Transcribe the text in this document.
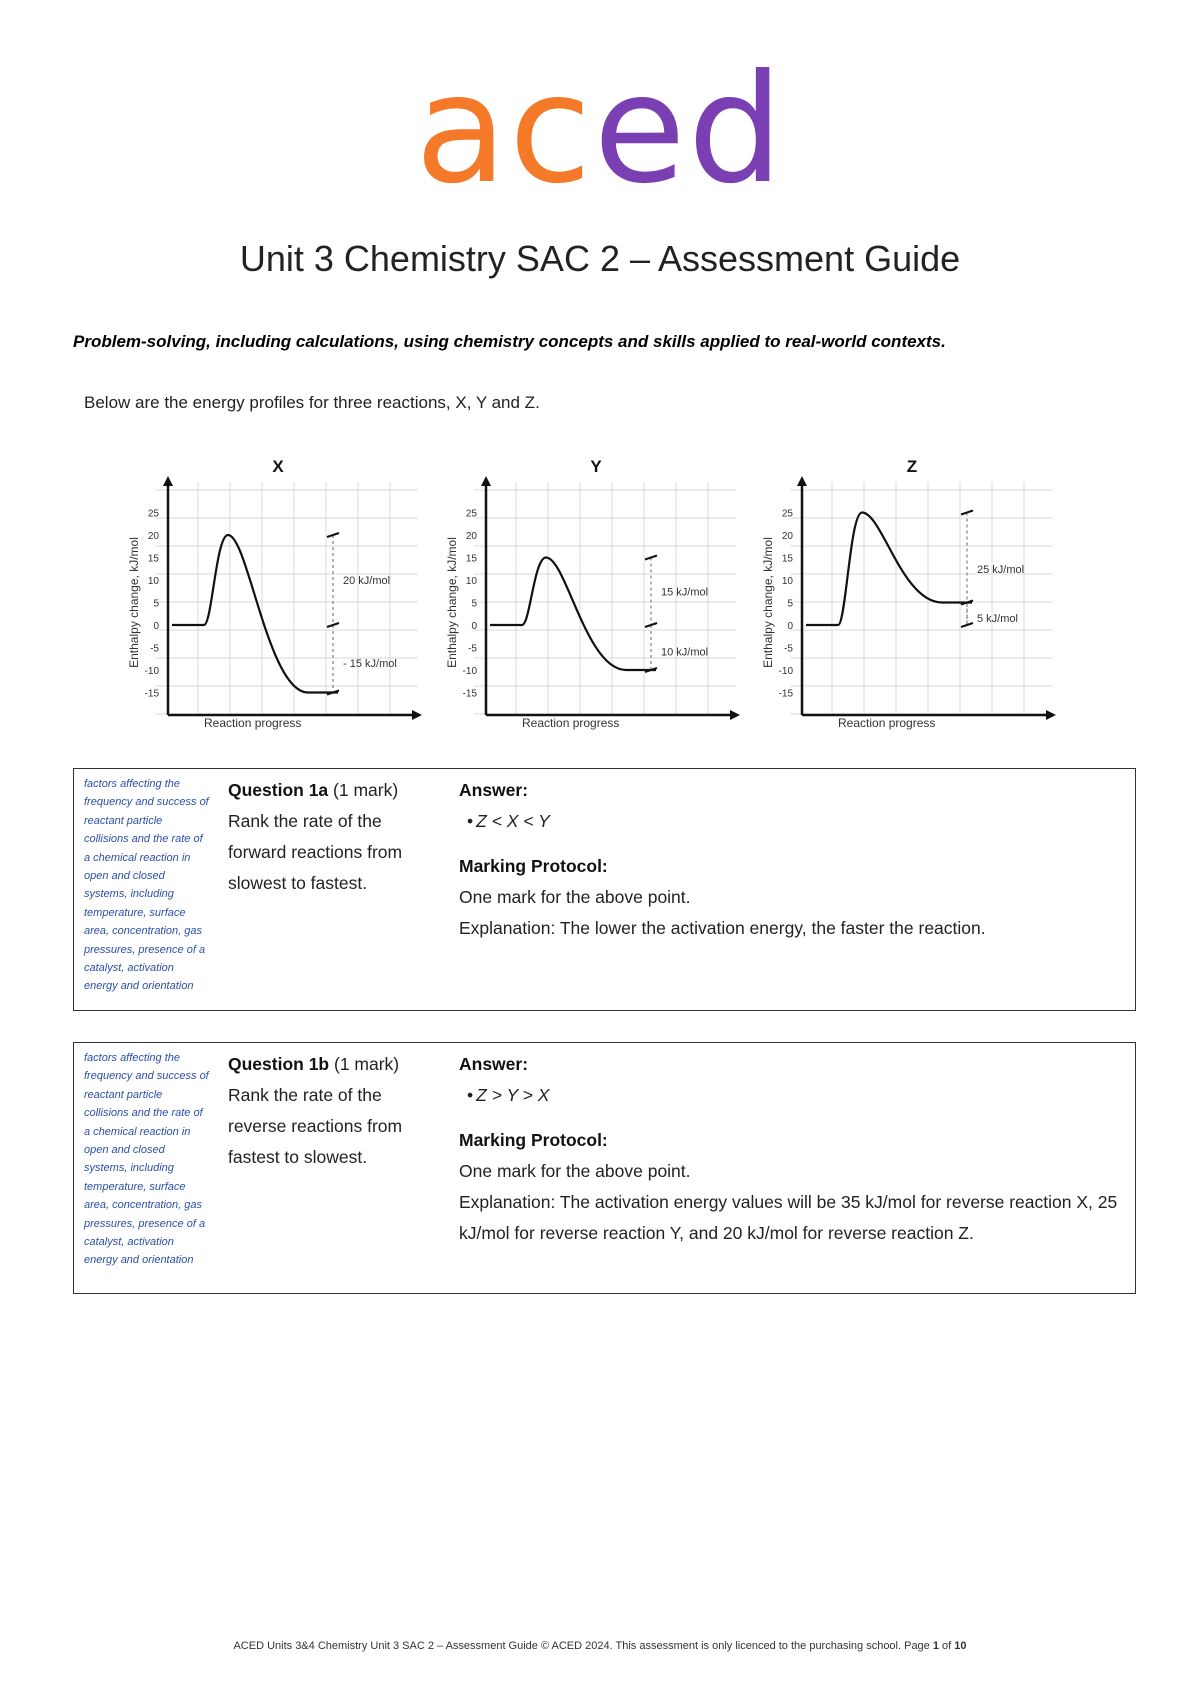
aced
Unit 3 Chemistry SAC 2 – Assessment Guide
Problem-solving, including calculations, using chemistry concepts and skills applied to real-world contexts.
Below are the energy profiles for three reactions, X, Y and Z.
X
25
20
15
10
5
0
-5
-10
-15
Reaction progress
Enthalpy change, kJ/mol	20 kJ/mol
- 15 kJ/mol
Y
25
20
15
10
5
0
-5
-10
-15
Reaction progress
Enthalpy change, kJ/mol	15 kJ/mol
10 kJ/mol
Z
25
20
15
10
5
0
-5
-10
-15
Reaction progress
Enthalpy change, kJ/mol	25 kJ/mol
5 kJ/mol
factors affecting the frequency and success of reactant particle collisions and the rate of a chemical reaction in open and closed systems, including temperature, surface area, concentration, gas pressures, presence of a catalyst, activation energy and orientation
Question 1a (1 mark)
Rank the rate of the forward reactions from slowest to fastest.
Answer:
• Z < X < Y
Marking Protocol:
One mark for the above point.
Explanation: The lower the activation energy, the faster the reaction.
factors affecting the frequency and success of reactant particle collisions and the rate of a chemical reaction in open and closed systems, including temperature, surface area, concentration, gas pressures, presence of a catalyst, activation energy and orientation
Question 1b (1 mark)
Rank the rate of the reverse reactions from fastest to slowest.
Answer:
• Z > Y > X
Marking Protocol:
One mark for the above point.
Explanation: The activation energy values will be 35 kJ/mol for reverse reaction X, 25 kJ/mol for reverse reaction Y, and 20 kJ/mol for reverse reaction Z.
ACED Units 3&4 Chemistry Unit 3 SAC 2 – Assessment Guide © ACED 2024. This assessment is only licenced to the purchasing school. Page 1 of 10
